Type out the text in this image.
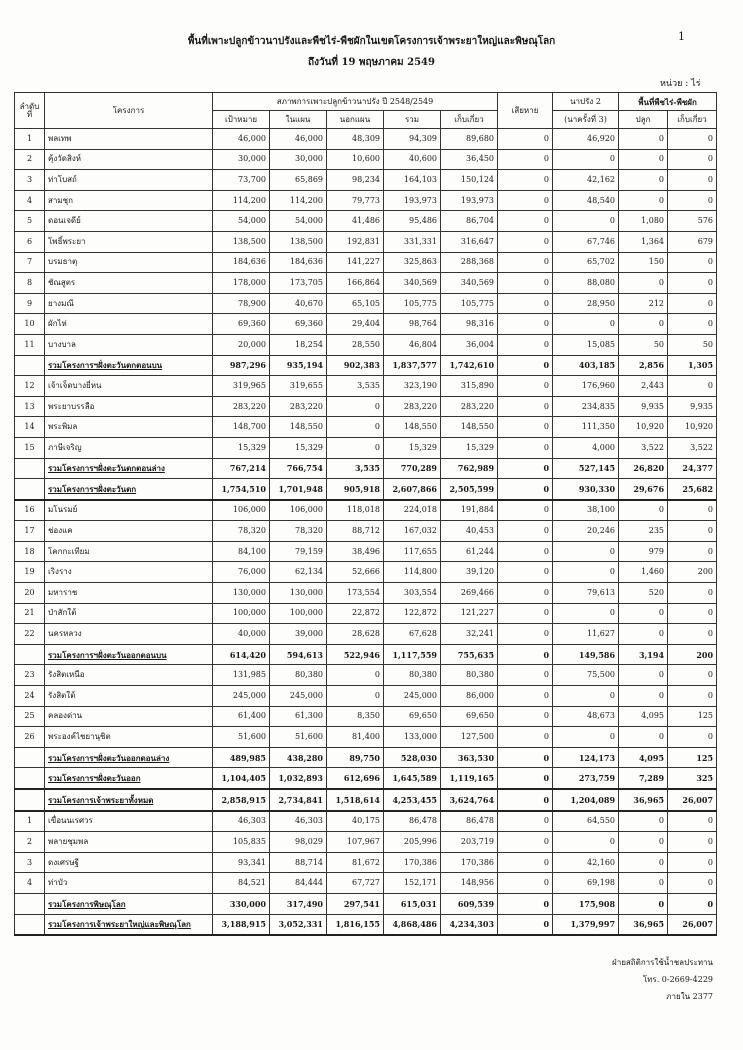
พื้นที่เพาะปลูกข้าวนาปรังและพืชไร่-พืชผักในเขตโครงการเจ้าพระยาใหญ่และพิษณุโลก
ถึงวันที่ 19 พฤษภาคม 2549
1
หน่วย : ไร่
ลำดับที่	โครงการ	สภาพการเพาะปลูกข้าวนาปรัง ปี 2548/2549					เสียหาย	นาปรัง 2	พื้นที่พืชไร่-พืชผัก	
		เป้าหมาย	ในแผน	นอกแผน	รวม	เก็บเกี่ยว		(นาครั้งที่ 3)	ปลูก	เก็บเกี่ยว
1	พลเทพ	46,000	46,000	48,309	94,309	89,680	0	46,920	0	0
2	คุ้งวัดสิงห์	30,000	30,000	10,600	40,600	36,450	0	0	0	0
3	ท่าโบสถ์	73,700	65,869	98,234	164,103	150,124	0	42,162	0	0
4	สามชุก	114,200	114,200	79,773	193,973	193,973	0	48,540	0	0
5	ดอนเจดีย์	54,000	54,000	41,486	95,486	86,704	0	0	1,080	576
6	โพธิ์พระยา	138,500	138,500	192,831	331,331	316,647	0	67,746	1,364	679
7	บรมธาตุ	184,636	184,636	141,227	325,863	288,368	0	65,702	150	0
8	ชัณสูตร	178,000	173,705	166,864	340,569	340,569	0	88,080	0	0
9	ยางมณี	78,900	40,670	65,105	105,775	105,775	0	28,950	212	0
10	ผักไห่	69,360	69,360	29,404	98,764	98,316	0	0	0	0
11	บางบาล	20,000	18,254	28,550	46,804	36,004	0	15,085	50	50
	รวมโครงการฯฝั่งตะวันตกตอนบน	987,296	935,194	902,383	1,837,577	1,742,610	0	403,185	2,856	1,305
12	เจ้าเจ็ดบางยี่หน	319,965	319,655	3,535	323,190	315,890	0	176,960	2,443	0
13	พระยาบรรลือ	283,220	283,220	0	283,220	283,220	0	234,835	9,935	9,935
14	พระพิมล	148,700	148,550	0	148,550	148,550	0	111,350	10,920	10,920
15	ภาษีเจริญ	15,329	15,329	0	15,329	15,329	0	4,000	3,522	3,522
	รวมโครงการฯฝั่งตะวันตกตอนล่าง	767,214	766,754	3,535	770,289	762,989	0	527,145	26,820	24,377
	รวมโครงการฯฝั่งตะวันตก	1,754,510	1,701,948	905,918	2,607,866	2,505,599	0	930,330	29,676	25,682
16	มโนรมย์	106,000	106,000	118,018	224,018	191,884	0	38,100	0	0
17	ช่องแค	78,320	78,320	88,712	167,032	40,453	0	20,246	235	0
18	โคกกะเทียม	84,100	79,159	38,496	117,655	61,244	0	0	979	0
19	เริงราง	76,000	62,134	52,666	114,800	39,120	0	0	1,460	200
20	มหาราช	130,000	130,000	173,554	303,554	269,466	0	79,613	520	0
21	ป่าสักใต้	100,000	100,000	22,872	122,872	121,227	0	0	0	0
22	นครหลวง	40,000	39,000	28,628	67,628	32,241	0	11,627	0	0
	รวมโครงการฯฝั่งตะวันออกตอนบน	614,420	594,613	522,946	1,117,559	755,635	0	149,586	3,194	200
23	รังสิตเหนือ	131,985	80,380	0	80,380	80,380	0	75,500	0	0
24	รังสิตใต้	245,000	245,000	0	245,000	86,000	0	0	0	0
25	คลองด่าน	61,400	61,300	8,350	69,650	69,650	0	48,673	4,095	125
26	พระองค์ไชยานุชิต	51,600	51,600	81,400	133,000	127,500	0	0	0	0
	รวมโครงการฯฝั่งตะวันออกตอนล่าง	489,985	438,280	89,750	528,030	363,530	0	124,173	4,095	125
	รวมโครงการฯฝั่งตะวันออก	1,104,405	1,032,893	612,696	1,645,589	1,119,165	0	273,759	7,289	325
	รวมโครงการเจ้าพระยาทั้งหมด	2,858,915	2,734,841	1,518,614	4,253,455	3,624,764	0	1,204,089	36,965	26,007
1	เขื่อนนเรศวร	46,303	46,303	40,175	86,478	86,478	0	64,550	0	0
2	พลายชุมพล	105,835	98,029	107,967	205,996	203,719	0	0	0	0
3	ดงเศรษฐี	93,341	88,714	81,672	170,386	170,386	0	42,160	0	0
4	ท่าบัว	84,521	84,444	67,727	152,171	148,956	0	69,198	0	0
	รวมโครงการพิษณุโลก	330,000	317,490	297,541	615,031	609,539	0	175,908	0	0
	รวมโครงการเจ้าพระยาใหญ่และพิษณุโลก	3,188,915	3,052,331	1,816,155	4,868,486	4,234,303	0	1,379,997	36,965	26,007
ฝ่ายสถิติการใช้น้ำชลประทาน
โทร. 0-2669-4229
ภายใน 2377
